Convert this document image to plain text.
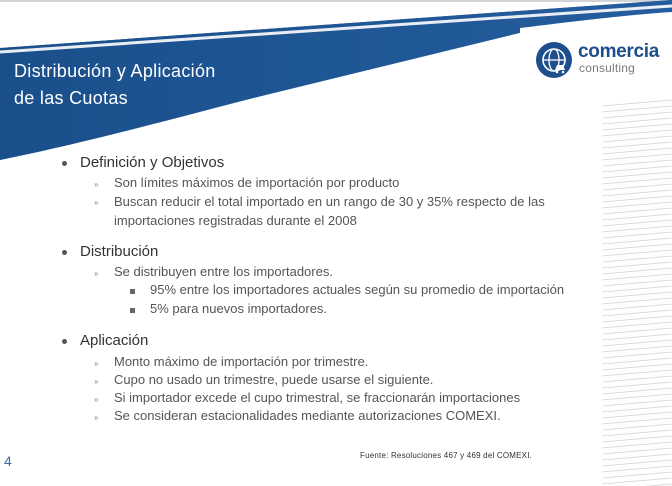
Distribución y Aplicación
de las Cuotas
comercia
consulting
Definición y Objetivos
» Son límites máximos de importación por producto
» Buscan reducir el total importado en un rango de 30 y 35% respecto de las importaciones registradas durante el 2008
Distribución
» Se distribuyen entre los importadores.
95% entre los importadores actuales según su promedio de importación
5% para nuevos importadores.
Aplicación
» Monto máximo de importación por trimestre.
» Cupo no usado un trimestre, puede usarse el siguiente.
» Si importador excede el cupo trimestral, se fraccionarán importaciones
» Se consideran estacionalidades mediante autorizaciones COMEXI.
Fuente: Resoluciones 467 y 469 del COMEXI.
4
